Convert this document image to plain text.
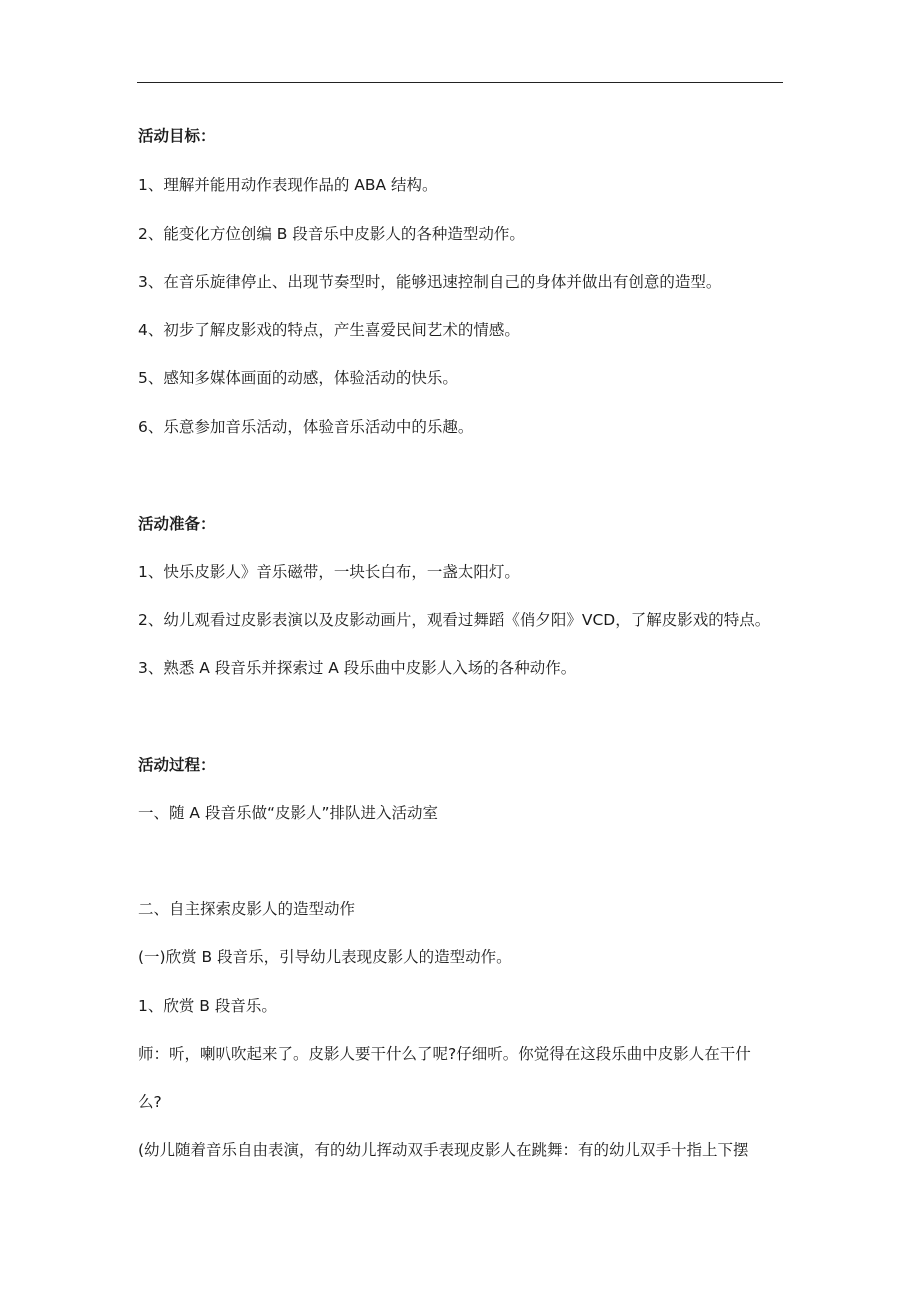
活动目标：
1、理解并能用动作表现作品的 ABA 结构。
2、能变化方位创编 B 段音乐中皮影人的各种造型动作。
3、在音乐旋律停止、出现节奏型时，能够迅速控制自己的身体并做出有创意的造型。
4、初步了解皮影戏的特点，产生喜爱民间艺术的情感。
5、感知多媒体画面的动感，体验活动的快乐。
6、乐意参加音乐活动，体验音乐活动中的乐趣。
活动准备：
1、快乐皮影人》音乐磁带，一块长白布，一盏太阳灯。
2、幼儿观看过皮影表演以及皮影动画片，观看过舞蹈《俏夕阳》VCD，了解皮影戏的特点。
3、熟悉 A 段音乐并探索过 A 段乐曲中皮影人入场的各种动作。
活动过程：
一、随 A 段音乐做“皮影人”排队进入活动室
二、自主探索皮影人的造型动作
(一)欣赏 B 段音乐，引导幼儿表现皮影人的造型动作。
1、欣赏 B 段音乐。
师：听，喇叭吹起来了。皮影人要干什么了呢?仔细听。你觉得在这段乐曲中皮影人在干什
么?
(幼儿随着音乐自由表演，有的幼儿挥动双手表现皮影人在跳舞：有的幼儿双手十指上下摆
